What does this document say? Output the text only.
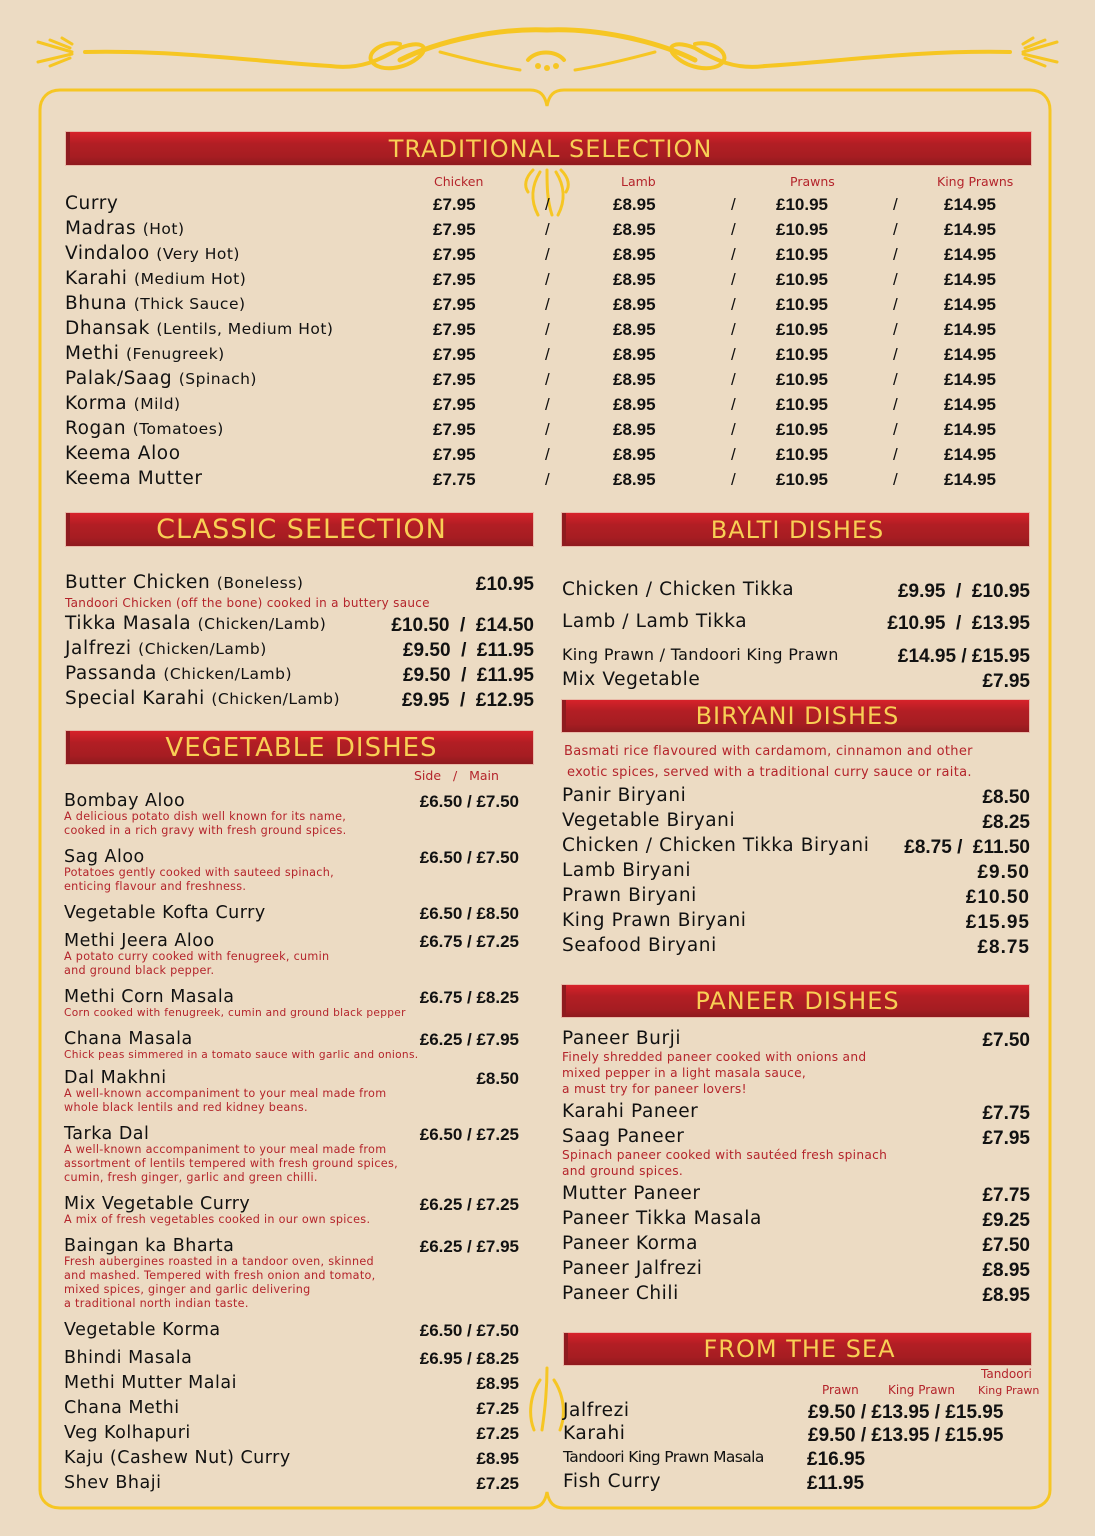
TRADITIONAL SELECTION
Chicken	Lamb	Prawns	King Prawns
Curry	£7.95	/	£8.95	/ £10.95	/	£14.95
Madras (Hot)	£7.95	/	£8.95	/ £10.95	/	£14.95
Vindaloo (Very Hot)	£7.95	/	£8.95	/ £10.95	/	£14.95
Karahi (Medium Hot)	£7.95	/	£8.95	/ £10.95	/	£14.95
Bhuna (Thick Sauce)	£7.95	/	£8.95	/ £10.95	/	£14.95
Dhansak (Lentils, Medium Hot)	£7.95	/	£8.95	/ £10.95	/	£14.95
Methi (Fenugreek)	£7.95	/	£8.95	/ £10.95	/	£14.95
Palak/Saag (Spinach)	£7.95	/	£8.95	/ £10.95	/	£14.95
Korma (Mild)	£7.95	/	£8.95	/ £10.95	/	£14.95
Rogan (Tomatoes)	£7.95	/	£8.95	/ £10.95	/	£14.95
Keema Aloo	£7.95	/	£8.95	/ £10.95	/	£14.95
Keema Mutter	£7.75	/	£8.95	/ £10.95	/	£14.95
CLASSIC SELECTION
Butter Chicken (Boneless)	£10.95
Tandoori Chicken (off the bone) cooked in a buttery sauce
Tikka Masala (Chicken/Lamb)	£10.50  /  £14.50
Jalfrezi (Chicken/Lamb)	£9.50  /  £11.95
Passanda (Chicken/Lamb)	£9.50  /  £11.95
Special Karahi (Chicken/Lamb)	£9.95  /  £12.95
VEGETABLE DISHES
Side   /   Main
Bombay Aloo	£6.50 / £7.50
A delicious potato dish well known for its name,
cooked in a rich gravy with fresh ground spices.
Sag Aloo	£6.50 / £7.50
Potatoes gently cooked with sauteed spinach,
enticing flavour and freshness.
Vegetable Kofta Curry	£6.50 / £8.50
Methi Jeera Aloo	£6.75 / £7.25
A potato curry cooked with fenugreek, cumin
and ground black pepper.
Methi Corn Masala	£6.75 / £8.25
Corn cooked with fenugreek, cumin and ground black pepper
Chana Masala	£6.25 / £7.95
Chick peas simmered in a tomato sauce with garlic and onions.
Dal Makhni	£8.50
A well-known accompaniment to your meal made from
whole black lentils and red kidney beans.
Tarka Dal	£6.50 / £7.25
A well-known accompaniment to your meal made from
assortment of lentils tempered with fresh ground spices,
cumin, fresh ginger, garlic and green chilli.
Mix Vegetable Curry	£6.25 / £7.25
A mix of fresh vegetables cooked in our own spices.
Baingan ka Bharta	£6.25 / £7.95
Fresh aubergines roasted in a tandoor oven, skinned
and mashed. Tempered with fresh onion and tomato,
mixed spices, ginger and garlic delivering
a traditional north indian taste.
Vegetable Korma	£6.50 / £7.50
Bhindi Masala	£6.95 / £8.25
Methi Mutter Malai	£8.95
Chana Methi	£7.25
Veg Kolhapuri	£7.25
Kaju (Cashew Nut) Curry	£8.95
Shev Bhaji	£7.25
BALTI DISHES
Chicken / Chicken Tikka	£9.95  /  £10.95
Lamb / Lamb Tikka	£10.95  /  £13.95
King Prawn / Tandoori King Prawn	£14.95 / £15.95
Mix Vegetable	£7.95
BIRYANI DISHES
Basmati rice flavoured with cardamom, cinnamon and other
exotic spices, served with a traditional curry sauce or raita.
Panir Biryani	£8.50
Vegetable Biryani	£8.25
Chicken / Chicken Tikka Biryani	£8.75 /  £11.50
Lamb Biryani	£9.50
Prawn Biryani	£10.50
King Prawn Biryani	£15.95
Seafood Biryani	£8.75
PANEER DISHES
Paneer Burji	£7.50
Finely shredded paneer cooked with onions and
mixed pepper in a light masala sauce,
a must try for paneer lovers!
Karahi Paneer	£7.75
Saag Paneer	£7.95
Spinach paneer cooked with sautéed fresh spinach
and ground spices.
Mutter Paneer	£7.75
Paneer Tikka Masala	£9.25
Paneer Korma	£7.50
Paneer Jalfrezi	£8.95
Paneer Chili	£8.95
FROM THE SEA
Prawn King Prawn
Tandoori
King Prawn
Jalfrezi	£9.50 / £13.95 / £15.95
Karahi	£9.50 / £13.95 / £15.95
Tandoori King Prawn Masala £16.95
Fish Curry	£11.95
